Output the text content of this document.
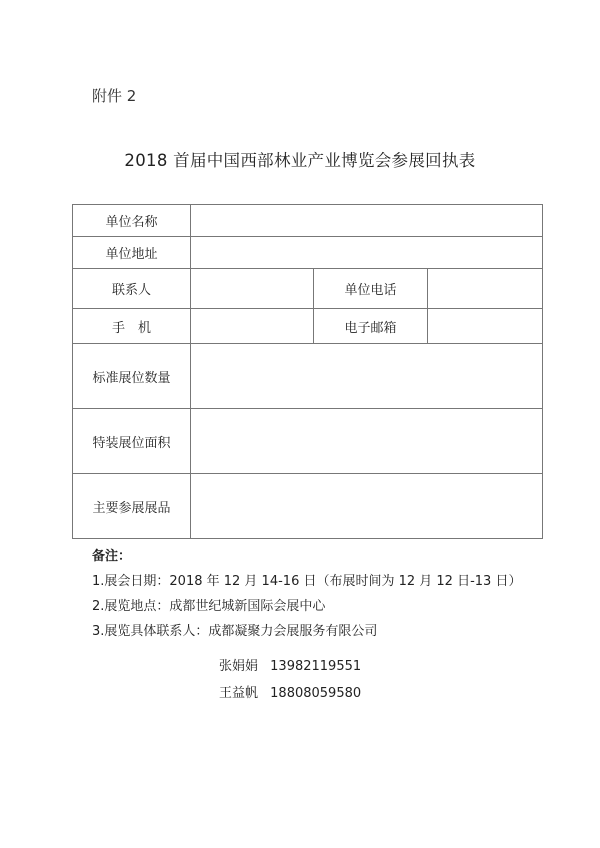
附件 2
2018 首届中国西部林业产业博览会参展回执表
单位名称			
单位地址			
联系人		单位电话	
手　机		电子邮箱	
标准展位数量			
特装展位面积			
主要参展展品			
备注：
1.展会日期：2018 年 12 月 14-16 日（布展时间为 12 月 12 日-13 日）
2.展览地点：成都世纪城新国际会展中心
3.展览具体联系人：成都凝聚力会展服务有限公司
张娟娟 13982119551
王益帆 18808059580
